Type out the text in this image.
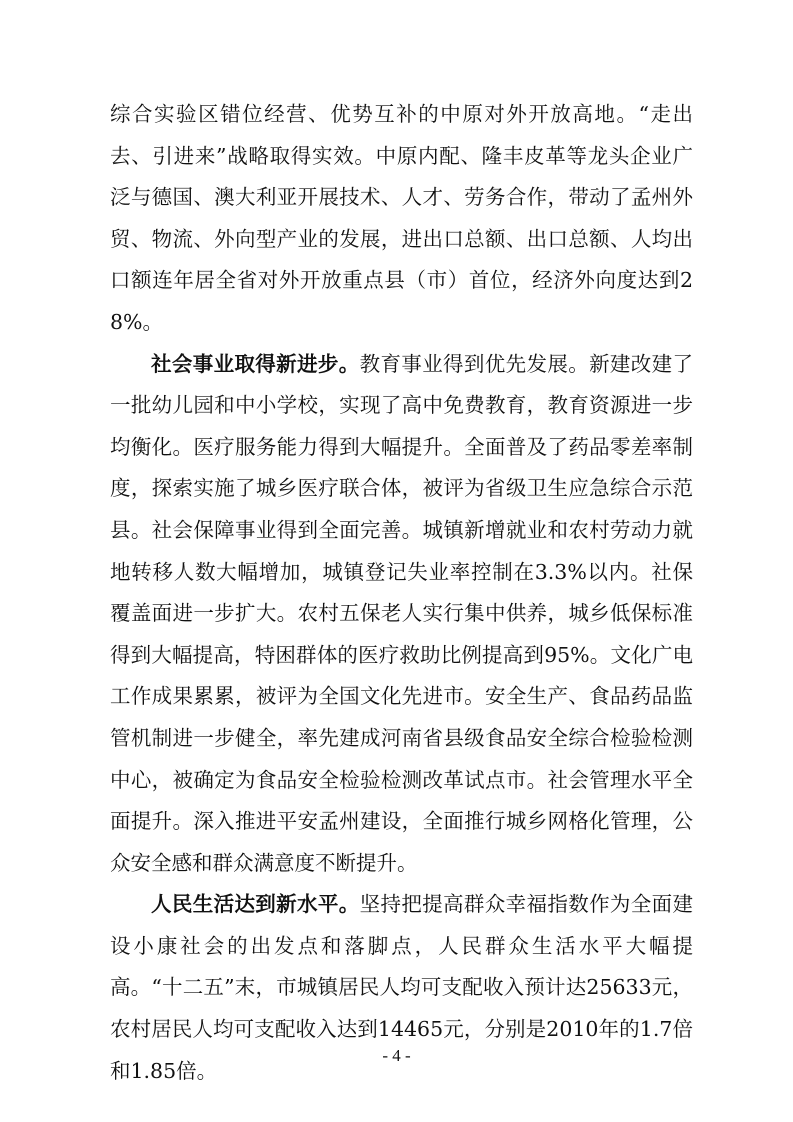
综合实验区错位经营、优势互补的中原对外开放高地。“走出去、引进来”战略取得实效。中原内配、隆丰皮革等龙头企业广泛与德国、澳大利亚开展技术、人才、劳务合作，带动了孟州外贸、物流、外向型产业的发展，进出口总额、出口总额、人均出口额连年居全省对外开放重点县（市）首位，经济外向度达到28%。

社会事业取得新进步。教育事业得到优先发展。新建改建了一批幼儿园和中小学校，实现了高中免费教育，教育资源进一步均衡化。医疗服务能力得到大幅提升。全面普及了药品零差率制度，探索实施了城乡医疗联合体，被评为省级卫生应急综合示范县。社会保障事业得到全面完善。城镇新增就业和农村劳动力就地转移人数大幅增加，城镇登记失业率控制在3.3%以内。社保覆盖面进一步扩大。农村五保老人实行集中供养，城乡低保标准得到大幅提高，特困群体的医疗救助比例提高到95%。文化广电工作成果累累，被评为全国文化先进市。安全生产、食品药品监管机制进一步健全，率先建成河南省县级食品安全综合检验检测中心，被确定为食品安全检验检测改革试点市。社会管理水平全面提升。深入推进平安孟州建设，全面推行城乡网格化管理，公众安全感和群众满意度不断提升。

人民生活达到新水平。坚持把提高群众幸福指数作为全面建设小康社会的出发点和落脚点，人民群众生活水平大幅提高。“十二五”末，市城镇居民人均可支配收入预计达25633元，农村居民人均可支配收入达到14465元，分别是2010年的1.7倍和1.85倍。

- 4 -
